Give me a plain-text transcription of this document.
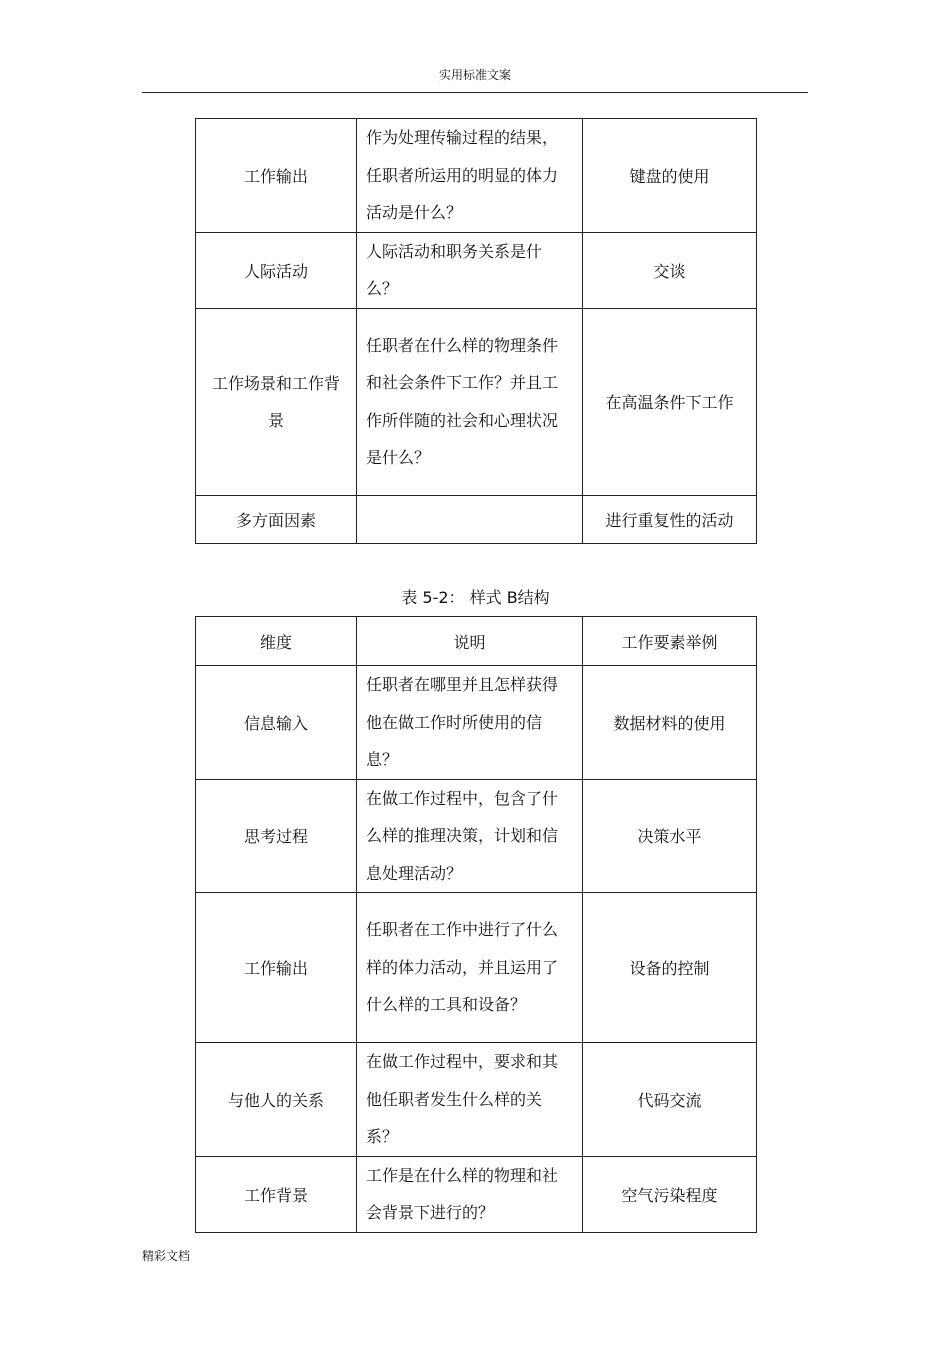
实用标准文案
工作输出	作为处理传输过程的结果，任职者所运用的明显的体力活动是什么？	键盘的使用
人际活动	人际活动和职务关系是什么？	交谈
工作场景和工作背景	任职者在什么样的物理条件和社会条件下工作？并且工作所伴随的社会和心理状况是什么？	在高温条件下工作
多方面因素		进行重复性的活动
表 5-2： 样式 B结构
维度	说明	工作要素举例
信息输入	任职者在哪里并且怎样获得他在做工作时所使用的信息？	数据材料的使用
思考过程	在做工作过程中，包含了什么样的推理决策，计划和信息处理活动？	决策水平
工作输出	任职者在工作中进行了什么样的体力活动，并且运用了什么样的工具和设备？	设备的控制
与他人的关系	在做工作过程中，要求和其他任职者发生什么样的关系？	代码交流
工作背景	工作是在什么样的物理和社会背景下进行的？	空气污染程度
精彩文档
